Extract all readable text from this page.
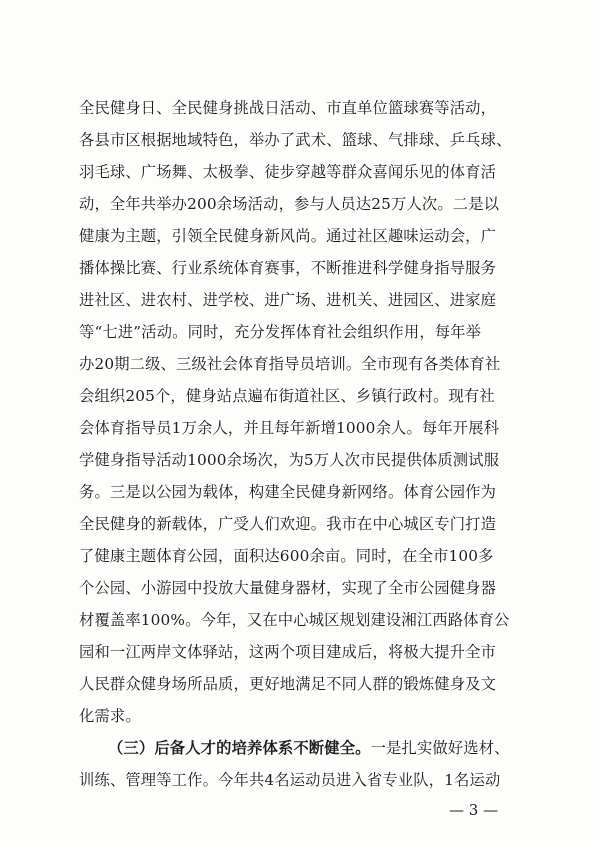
全民健身日、全民健身挑战日活动、市直单位篮球赛等活动，
各县市区根据地域特色，举办了武术、篮球、气排球、乒乓球、
羽毛球、广场舞、太极拳、徒步穿越等群众喜闻乐见的体育活
动，全年共举办200余场活动，参与人员达25万人次。二是以
健康为主题，引领全民健身新风尚。通过社区趣味运动会，广
播体操比赛、行业系统体育赛事，不断推进科学健身指导服务
进社区、进农村、进学校、进广场、进机关、进园区、进家庭
等“七进”活动。同时，充分发挥体育社会组织作用，每年举
办20期二级、三级社会体育指导员培训。全市现有各类体育社
会组织205个，健身站点遍布街道社区、乡镇行政村。现有社
会体育指导员1万余人，并且每年新增1000余人。每年开展科
学健身指导活动1000余场次，为5万人次市民提供体质测试服
务。三是以公园为载体，构建全民健身新网络。体育公园作为
全民健身的新载体，广受人们欢迎。我市在中心城区专门打造
了健康主题体育公园，面积达600余亩。同时，在全市100多
个公园、小游园中投放大量健身器材，实现了全市公园健身器
材覆盖率100%。今年，又在中心城区规划建设湘江西路体育公
园和一江两岸文体驿站，这两个项目建成后，将极大提升全市
人民群众健身场所品质，更好地满足不同人群的锻炼健身及文
化需求。
（三）后备人才的培养体系不断健全。一是扎实做好选材、
训练、管理等工作。今年共4名运动员进入省专业队，1名运动
— 3 —
